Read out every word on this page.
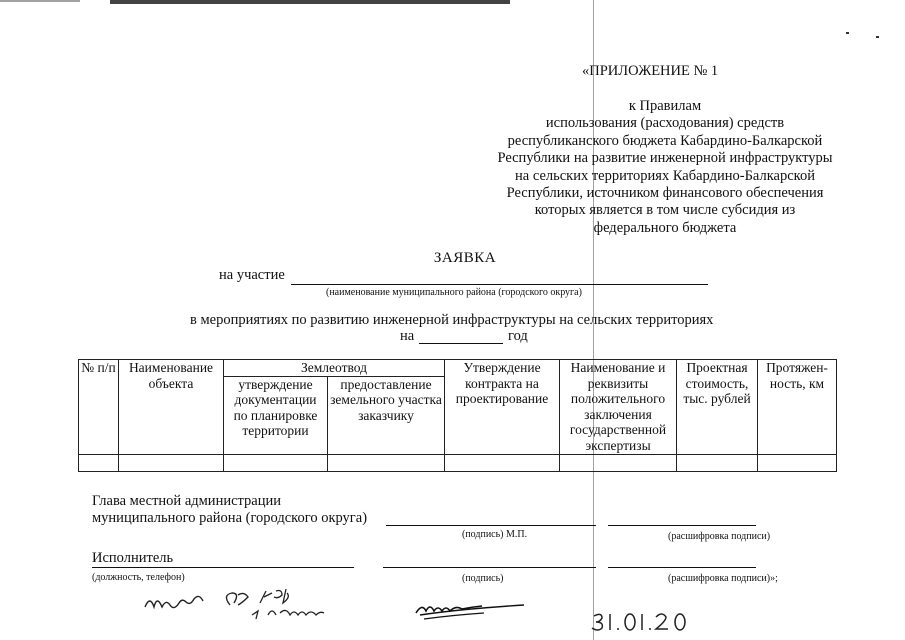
«ПРИЛОЖЕНИЕ № 1
к Правилам
использования (расходования) средств
республиканского бюджета Кабардино-Балкарской
Республики на развитие инженерной инфраструктуры
на сельских территориях Кабардино-Балкарской
Республики, источником финансового обеспечения
которых является в том числе субсидия из
федерального бюджета
ЗАЯВКА
на участие
(наименование муниципального района (городского округа)
в мероприятиях по развитию инженерной инфраструктуры на сельских территориях
на	год
№ п/п	Наименование объекта	Землеотвод		Утверждение контракта на проектирование	Наименование и реквизиты положительного заключения государственной экспертизы	Проектная стоимость, тыс. рублей	Протяжен-ность, км
		утверждение документации по планировке территории	предоставление земельного участка заказчику				

Глава местной администрации
муниципального района (городского округа)
(подпись) М.П.	(расшифровка подписи)
Исполнитель
(должность, телефон)	(подпись)	(расшифровка подписи)»;
